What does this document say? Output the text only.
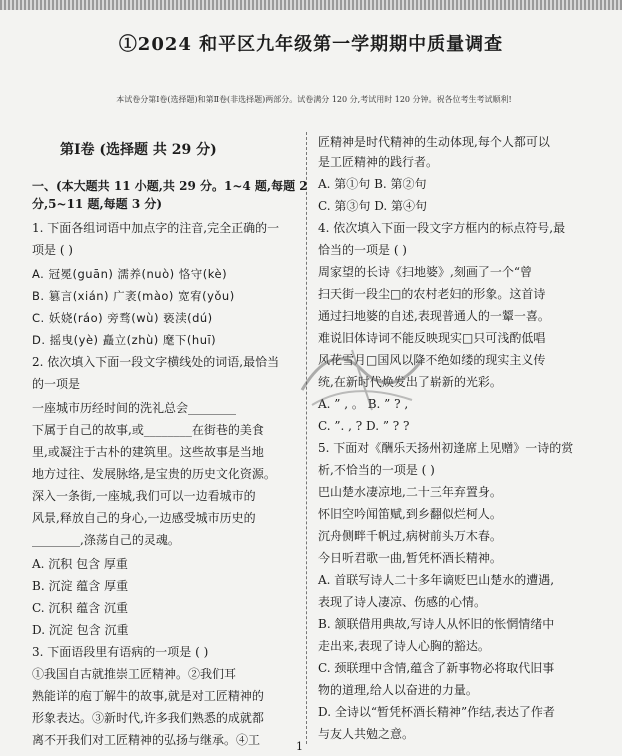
①2024 和平区九年级第一学期期中质量调查
本试卷分第Ⅰ卷(选择题)和第Ⅱ卷(非选择题)两部分。试卷满分 120 分,考试用时 120 分钟。祝各位考生考试顺利!
第Ⅰ卷 (选择题 共 29 分)
一、(本大题共 11 小题,共 29 分。1~4 题,每题 2
分,5~11 题,每题 3 分)
1. 下面各组词语中加点字的注音,完全正确的一
项是 ( )
A. 冠冕(guān) 濡养(nuò) 恪守(kè)
B. 篡言(xián) 广袤(mào) 宽宥(yǒu)
C. 妖娆(ráo) 旁骛(wù) 亵渎(dú)
D. 摇曳(yè) 矗立(zhù) 麾下(huī)
2. 依次填入下面一段文字横线处的词语,最恰当
的一项是
一座城市历经时间的洗礼总会________
下属于自己的故事,或________在街巷的美食
里,或凝注于古朴的建筑里。这些故事是当地
地方过往、发展脉络,是宝贵的历史文化资源。
深入一条街,一座城,我们可以一边看城市的
风景,释放自己的身心,一边感受城市历史的
________,涤荡自己的灵魂。
A. 沉积 包含 厚重
B. 沉淀 蕴含 厚重
C. 沉积 蕴含 沉重
D. 沉淀 包含 沉重
3. 下面语段里有语病的一项是 ( )
①我国自古就推崇工匠精神。②我们耳
熟能详的庖丁解牛的故事,就是对工匠精神的
形象表达。③新时代,许多我们熟悉的成就都
离不开我们对工匠精神的弘扬与继承。④工
匠精神是时代精神的生动体现,每个人都可以
是工匠精神的践行者。
A. 第①句 B. 第②句
C. 第③句 D. 第④句
4. 依次填入下面一段文字方框内的标点符号,最
恰当的一项是 ( )
周家望的长诗《扫地婆》,刻画了一个“曾
扫天街一段尘□的农村老妇的形象。这首诗
通过扫地婆的自述,表现普通人的一颦一喜。
难说旧体诗词不能反映现实□只可浅酌低唱
风花雪月□国风以降不绝如缕的现实主义传
统,在新时代焕发出了崭新的光彩。
A. ” , 。 B. ” ? ,
C. ”. , ? D. ” ? ?
5. 下面对《酬乐天扬州初逢席上见赠》一诗的赏
析,不恰当的一项是 ( )
巴山楚水凄凉地,二十三年弃置身。
怀旧空吟闻笛赋,到乡翻似烂柯人。
沉舟侧畔千帆过,病树前头万木春。
今日听君歌一曲,暂凭杯酒长精神。
A. 首联写诗人二十多年谪贬巴山楚水的遭遇,
表现了诗人凄凉、伤感的心情。
B. 颔联借用典故,写诗人从怀旧的怅惘情绪中
走出来,表现了诗人心胸的豁达。
C. 颈联理中含情,蕴含了新事物必将取代旧事
物的道理,给人以奋进的力量。
D. 全诗以“暂凭杯酒长精神”作结,表达了作者
与友人共勉之意。
1
